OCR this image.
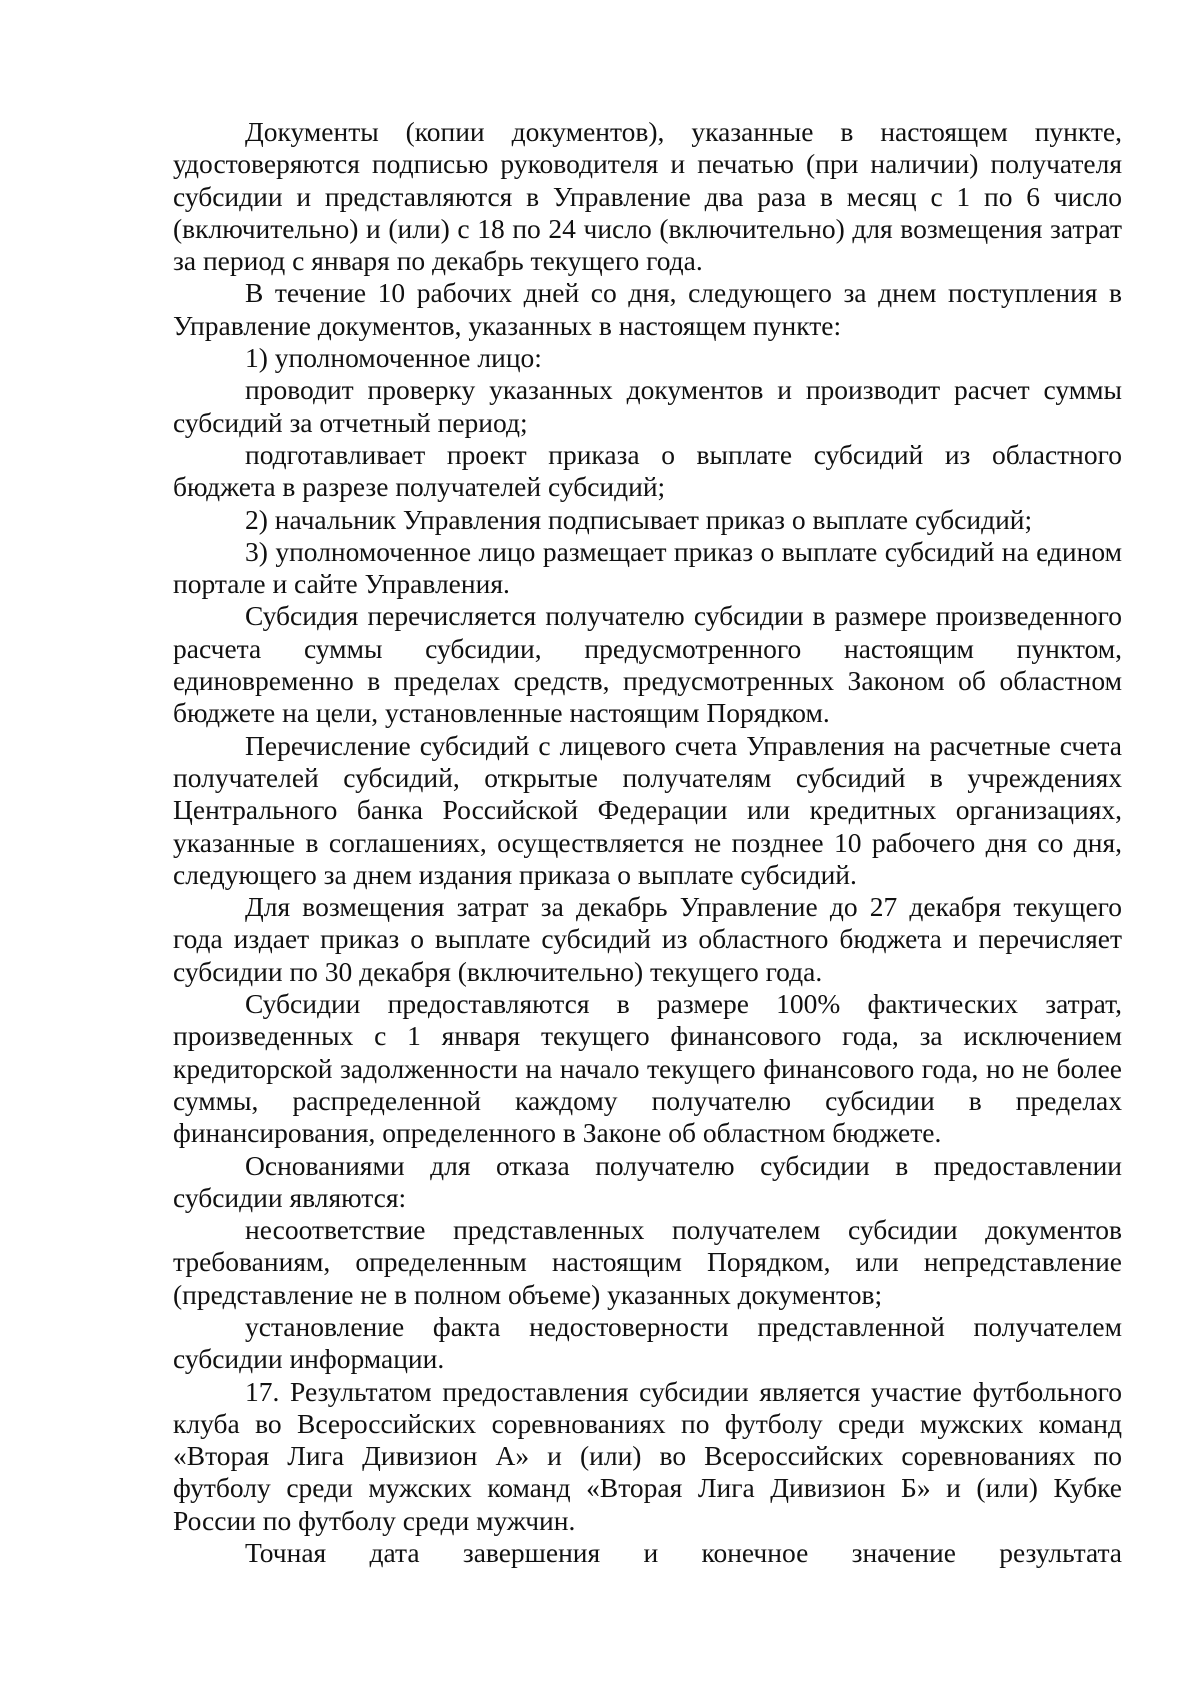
Документы (копии документов), указанные в настоящем пункте, удостоверяются подписью руководителя и печатью (при наличии) получателя субсидии и представляются в Управление два раза в месяц с 1 по 6 число (включительно) и (или) с 18 по 24 число (включительно) для возмещения затрат за период с января по декабрь текущего года.

В течение 10 рабочих дней со дня, следующего за днем поступления в Управление документов, указанных в настоящем пункте:

1) уполномоченное лицо:

проводит проверку указанных документов и производит расчет суммы субсидий за отчетный период;

подготавливает проект приказа о выплате субсидий из областного бюджета в разрезе получателей субсидий;

2) начальник Управления подписывает приказ о выплате субсидий;

3) уполномоченное лицо размещает приказ о выплате субсидий на едином портале и сайте Управления.

Субсидия перечисляется получателю субсидии в размере произведенного расчета суммы субсидии, предусмотренного настоящим пунктом, единовременно в пределах средств, предусмотренных Законом об областном бюджете на цели, установленные настоящим Порядком.

Перечисление субсидий с лицевого счета Управления на расчетные счета получателей субсидий, открытые получателям субсидий в учреждениях Центрального банка Российской Федерации или кредитных организациях, указанные в соглашениях, осуществляется не позднее 10 рабочего дня со дня, следующего за днем издания приказа о выплате субсидий.

Для возмещения затрат за декабрь Управление до 27 декабря текущего года издает приказ о выплате субсидий из областного бюджета и перечисляет субсидии по 30 декабря (включительно) текущего года.

Субсидии предоставляются в размере 100% фактических затрат, произведенных с 1 января текущего финансового года, за исключением кредиторской задолженности на начало текущего финансового года, но не более суммы, распределенной каждому получателю субсидии в пределах финансирования, определенного в Законе об областном бюджете.

Основаниями для отказа получателю субсидии в предоставлении субсидии являются:

несоответствие представленных получателем субсидии документов требованиям, определенным настоящим Порядком, или непредставление (представление не в полном объеме) указанных документов;

установление факта недостоверности представленной получателем субсидии информации.

17. Результатом предоставления субсидии является участие футбольного клуба во Всероссийских соревнованиях по футболу среди мужских команд «Вторая Лига Дивизион А» и (или) во Всероссийских соревнованиях по футболу среди мужских команд «Вторая Лига Дивизион Б» и (или) Кубке России по футболу среди мужчин.

Точная дата завершения и конечное значение результата
